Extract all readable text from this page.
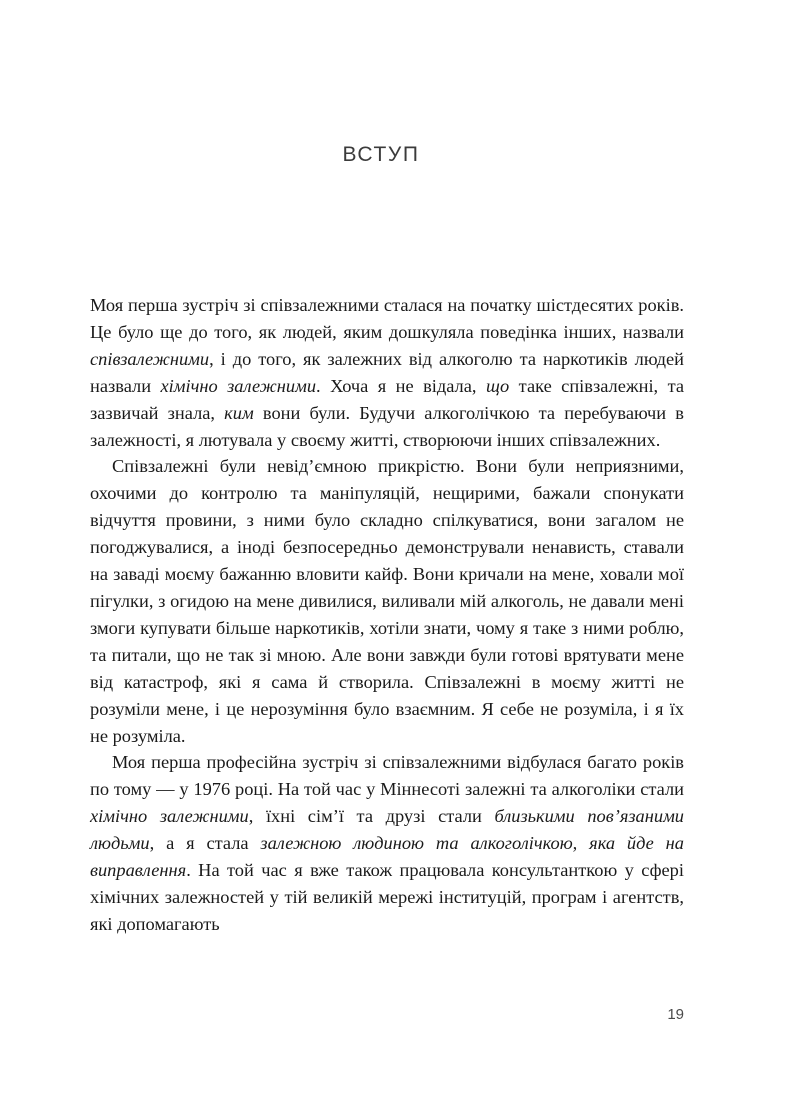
ВСТУП

Моя перша зустріч зі співзалежними сталася на початку шістдесятих років. Це було ще до того, як людей, яким дошкуляла поведінка інших, назвали співзалежними, і до того, як залежних від алкоголю та наркотиків людей назвали хімічно залежними. Хоча я не відала, що таке співзалежні, та зазвичай знала, ким вони були. Будучи алкоголічкою та перебуваючи в залежності, я лютувала у своєму житті, створюючи інших співзалежних.

Співзалежні були невід’ємною прикрістю. Вони були неприязними, охочими до контролю та маніпуляцій, нещирими, бажали спонукати відчуття провини, з ними було складно спілкуватися, вони загалом не погоджувалися, а іноді безпосередньо демонстрували ненависть, ставали на заваді моєму бажанню вловити кайф. Вони кричали на мене, ховали мої пігулки, з огидою на мене дивилися, виливали мій алкоголь, не давали мені змоги купувати більше наркотиків, хотіли знати, чому я таке з ними роблю, та питали, що не так зі мною. Але вони завжди були готові врятувати мене від катастроф, які я сама й створила. Співзалежні в моєму житті не розуміли мене, і це нерозуміння було взаємним. Я себе не розуміла, і я їх не розуміла.

Моя перша професійна зустріч зі співзалежними відбулася багато років по тому — у 1976 році. На той час у Міннесоті залежні та алкоголіки стали хімічно залежними, їхні сім’ї та друзі стали близькими пов’язаними людьми, а я стала залежною людиною та алкоголічкою, яка йде на виправлення. На той час я вже також працювала консультанткою у сфері хімічних залежностей у тій великій мережі інституцій, програм і агентств, які допомагають

19
